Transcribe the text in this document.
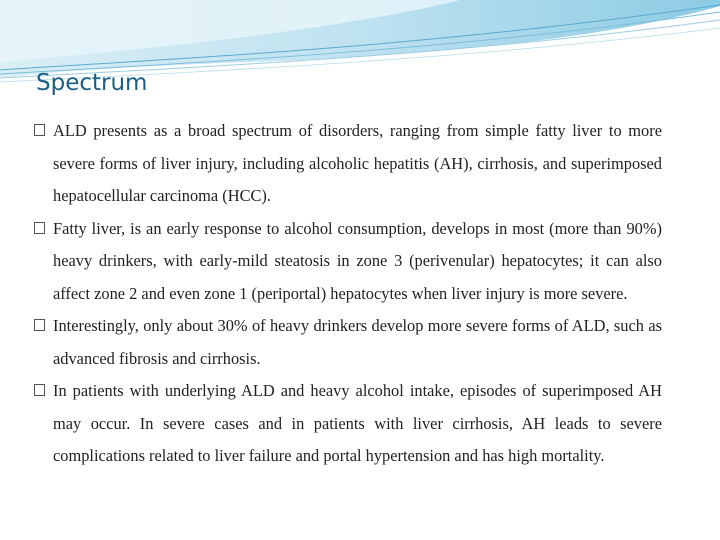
Spectrum

ALD presents as a broad spectrum of disorders, ranging from simple fatty liver to more severe forms of liver injury, including alcoholic hepatitis (AH), cirrhosis, and superimposed hepatocellular carcinoma (HCC).

Fatty liver, is an early response to alcohol consumption, develops in most (more than 90%) heavy drinkers, with early-mild steatosis in zone 3 (perivenular) hepatocytes; it can also affect zone 2 and even zone 1 (periportal) hepatocytes when liver injury is more severe.

Interestingly, only about 30% of heavy drinkers develop more severe forms of ALD, such as advanced fibrosis and cirrhosis.

In patients with underlying ALD and heavy alcohol intake, episodes of superimposed AH may occur. In severe cases and in patients with liver cirrhosis, AH leads to severe complications related to liver failure and portal hypertension and has high mortality.
